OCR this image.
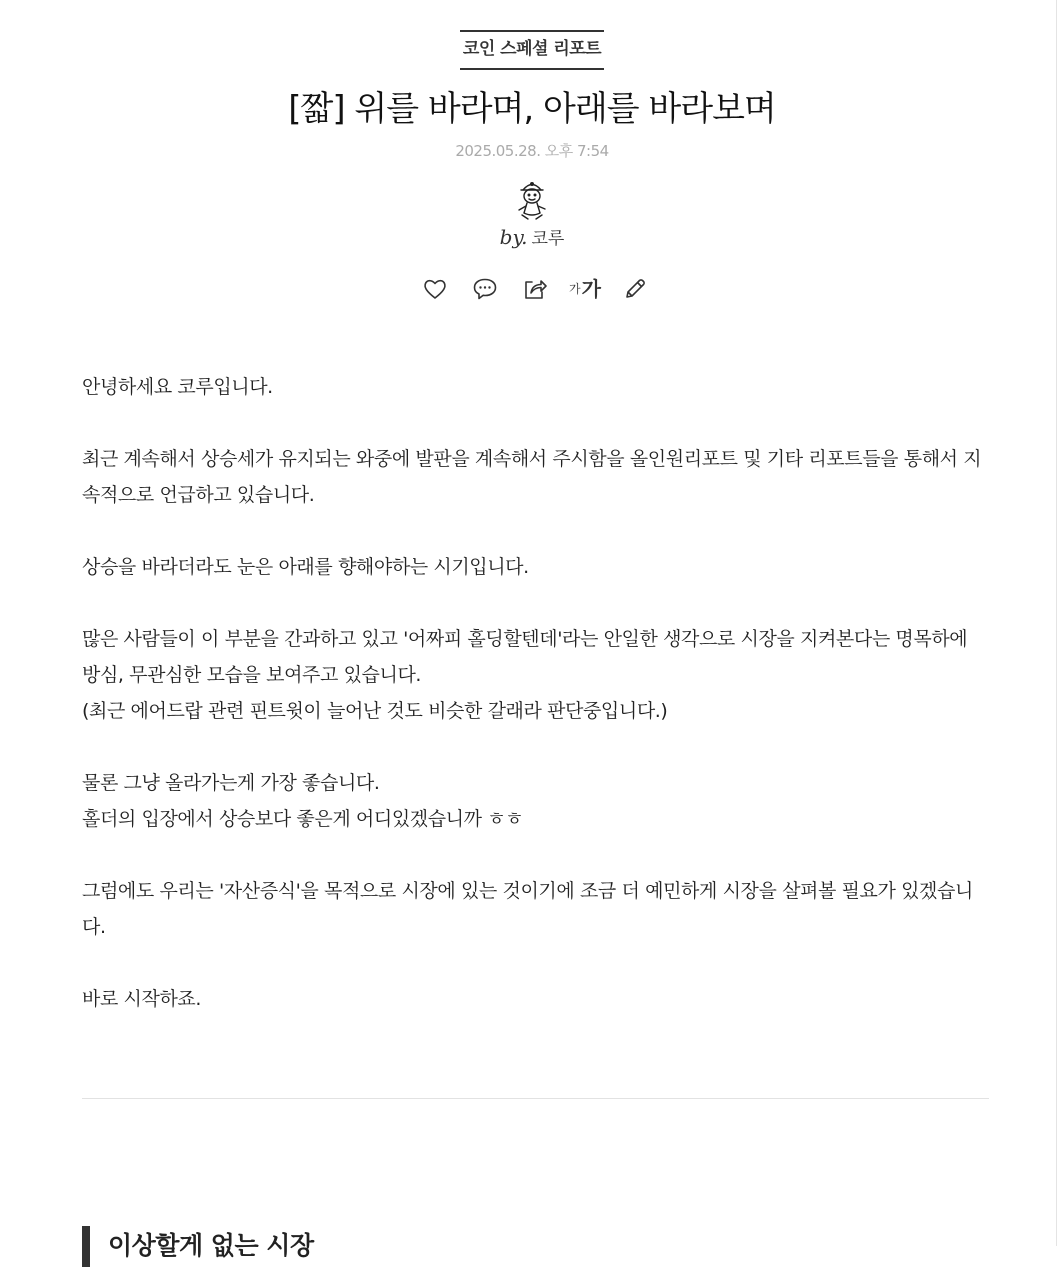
코인 스페셜 리포트
[짧] 위를 바라며, 아래를 바라보며
2025.05.28. 오후 7:54
by. 코루
가 가

안녕하세요 코루입니다.

최근 계속해서 상승세가 유지되는 와중에 발판을 계속해서 주시함을 올인원리포트 및 기타 리포트들을 통해서 지
속적으로 언급하고 있습니다.

상승을 바라더라도 눈은 아래를 향해야하는 시기입니다.

많은 사람들이 이 부분을 간과하고 있고 '어짜피 홀딩할텐데'라는 안일한 생각으로 시장을 지켜본다는 명목하에
방심, 무관심한 모습을 보여주고 있습니다.
(최근 에어드랍 관련 핀트윗이 늘어난 것도 비슷한 갈래라 판단중입니다.)

물론 그냥 올라가는게 가장 좋습니다.
홀더의 입장에서 상승보다 좋은게 어디있겠습니까 ㅎㅎ

그럼에도 우리는 '자산증식'을 목적으로 시장에 있는 것이기에 조금 더 예민하게 시장을 살펴볼 필요가 있겠습니
다.

바로 시작하죠.

이상할게 없는 시장
